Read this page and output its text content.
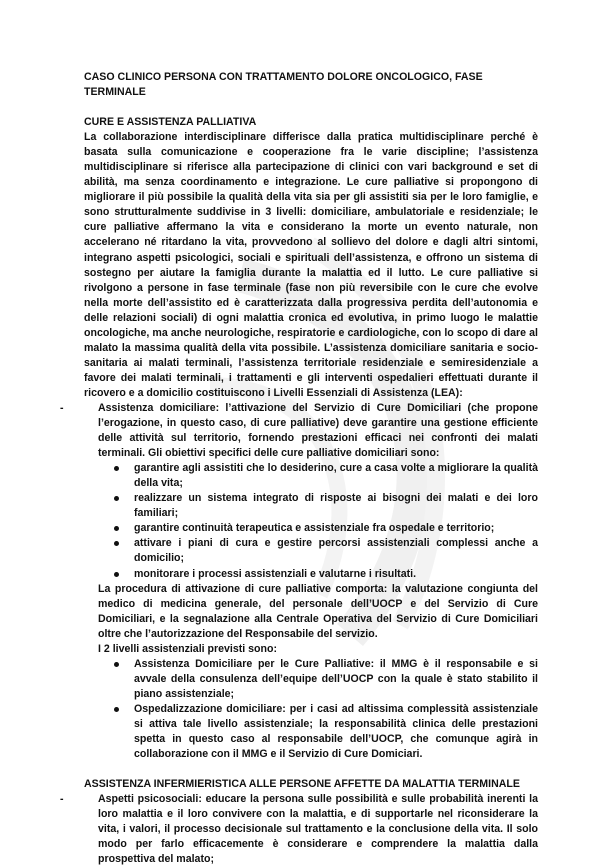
CASO CLINICO PERSONA CON TRATTAMENTO DOLORE ONCOLOGICO, FASE TERMINALE
CURE E ASSISTENZA PALLIATIVA

La collaborazione interdisciplinare differisce dalla pratica multidisciplinare perché è basata sulla comunicazione e cooperazione fra le varie discipline; l’assistenza multidisciplinare si riferisce alla partecipazione di clinici con vari background e set di abilità, ma senza coordinamento e integrazione. Le cure palliative si propongono di migliorare il più possibile la qualità della vita sia per gli assistiti sia per le loro famiglie, e sono strutturalmente suddivise in 3 livelli: domiciliare, ambulatoriale e residenziale; le cure palliative affermano la vita e considerano la morte un evento naturale, non accelerano né ritardano la vita, provvedono al sollievo del dolore e dagli altri sintomi, integrano aspetti psicologici, sociali e spirituali dell’assistenza, e offrono un sistema di sostegno per aiutare la famiglia durante la malattia ed il lutto. Le cure palliative si rivolgono a persone in fase terminale (fase non più reversibile con le cure che evolve nella morte dell’assistito ed è caratterizzata dalla progressiva perdita dell’autonomia e delle relazioni sociali) di ogni malattia cronica ed evolutiva, in primo luogo le malattie oncologiche, ma anche neurologiche, respiratorie e cardiologiche, con lo scopo di dare al malato la massima qualità della vita possibile. L’assistenza domiciliare sanitaria e socio-sanitaria ai malati terminali, l’assistenza territoriale residenziale e semiresidenziale a favore dei malati terminali, i trattamenti e gli interventi ospedalieri effettuati durante il ricovero e a domicilio costituiscono i Livelli Essenziali di Assistenza (LEA):

-	Assistenza domiciliare: l’attivazione del Servizio di Cure Domiciliari (che propone l’erogazione, in questo caso, di cure palliative) deve garantire una gestione efficiente delle attività sul territorio, fornendo prestazioni efficaci nei confronti dei malati terminali. Gli obiettivi specifici delle cure palliative domiciliari sono:

garantire agli assistiti che lo desiderino, cure a casa volte a migliorare la qualità della vita;
realizzare un sistema integrato di risposte ai bisogni dei malati e dei loro familiari;
garantire continuità terapeutica e assistenziale fra ospedale e territorio;
attivare i piani di cura e gestire percorsi assistenziali complessi anche a domicilio;
monitorare i processi assistenziali e valutarne i risultati.

La procedura di attivazione di cure palliative comporta: la valutazione congiunta del medico di medicina generale, del personale dell’UOCP e del Servizio di Cure Domiciliari, e la segnalazione alla Centrale Operativa del Servizio di Cure Domiciliari oltre che l’autorizzazione del Responsabile del servizio.

I 2 livelli assistenziali previsti sono:

Assistenza Domiciliare per le Cure Palliative: il MMG è il responsabile e si avvale della consulenza dell’equipe dell’UOCP con la quale è stato stabilito il piano assistenziale;
Ospedalizzazione domiciliare: per i casi ad altissima complessità assistenziale si attiva tale livello assistenziale; la responsabilità clinica delle prestazioni spetta in questo caso al responsabile dell’UOCP, che comunque agirà in collaborazione con il MMG e il Servizio di Cure Domiciari.
ASSISTENZA INFERMIERISTICA ALLE PERSONE AFFETTE DA MALATTIA TERMINALE
-	Aspetti psicosociali: educare la persona sulle possibilità e sulle probabilità inerenti la loro malattia e il loro convivere con la malattia, e di supportarle nel riconsiderare la vita, i valori, il processo decisionale sul trattamento e la conclusione della vita. Il solo modo per farlo efficacemente è considerare e comprendere la malattia dalla prospettiva del malato;
